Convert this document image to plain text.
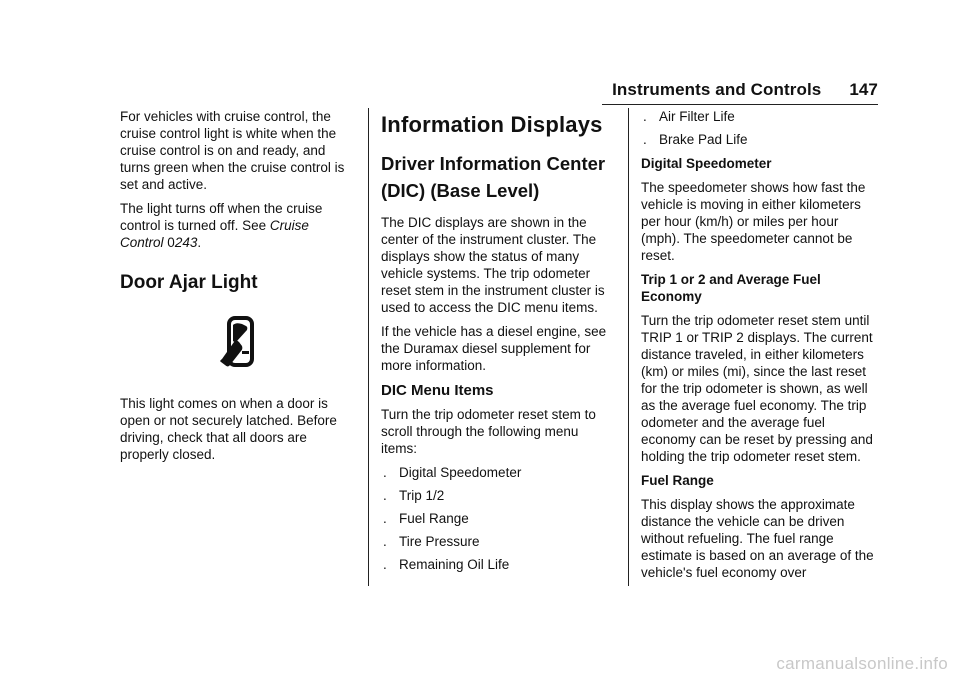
Instruments and Controls 147

For vehicles with cruise control, the cruise control light is white when the cruise control is on and ready, and turns green when the cruise control is set and active.

The light turns off when the cruise control is turned off. See Cruise Control 0243.

Door Ajar Light

This light comes on when a door is open or not securely latched. Before driving, check that all doors are properly closed.

Information Displays
Driver Information Center (DIC) (Base Level)

The DIC displays are shown in the center of the instrument cluster. The displays show the status of many vehicle systems. The trip odometer reset stem in the instrument cluster is used to access the DIC menu items.

If the vehicle has a diesel engine, see the Duramax diesel supplement for more information.

DIC Menu Items

Turn the trip odometer reset stem to scroll through the following menu items:

. Digital Speedometer
. Trip 1/2
. Fuel Range
. Tire Pressure
. Remaining Oil Life
. Air Filter Life
. Brake Pad Life

Digital Speedometer

The speedometer shows how fast the vehicle is moving in either kilometers per hour (km/h) or miles per hour (mph). The speedometer cannot be reset.

Trip 1 or 2 and Average Fuel Economy

Turn the trip odometer reset stem until TRIP 1 or TRIP 2 displays. The current distance traveled, in either kilometers (km) or miles (mi), since the last reset for the trip odometer is shown, as well as the average fuel economy. The trip odometer and the average fuel economy can be reset by pressing and holding the trip odometer reset stem.

Fuel Range

This display shows the approximate distance the vehicle can be driven without refueling. The fuel range estimate is based on an average of the vehicle's fuel economy over

carmanualsonline.info
